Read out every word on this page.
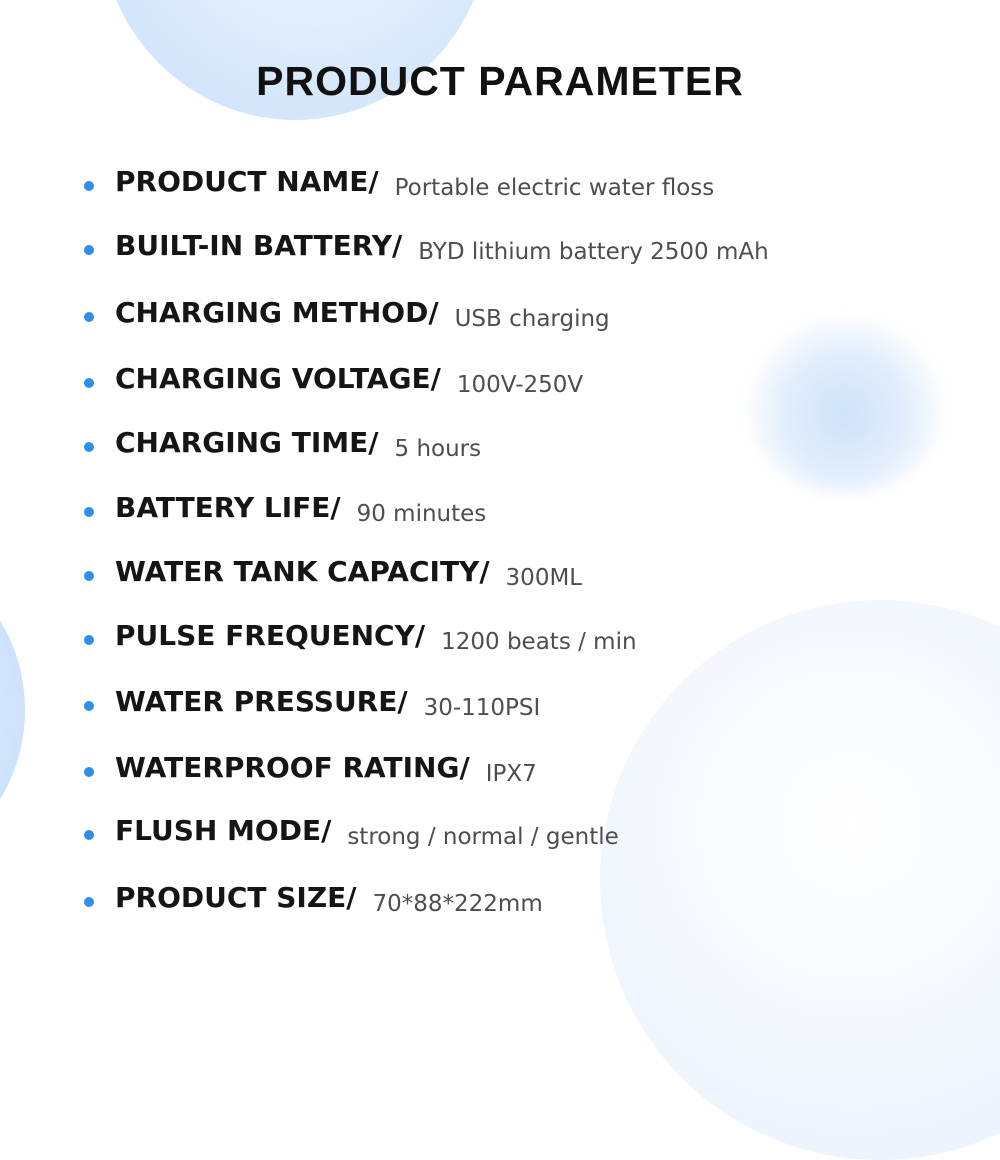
PRODUCT PARAMETER
PRODUCT NAME/ Portable electric water floss
BUILT-IN BATTERY/ BYD lithium battery 2500 mAh
CHARGING METHOD/ USB charging
CHARGING VOLTAGE/ 100V-250V
CHARGING TIME/ 5 hours
BATTERY LIFE/ 90 minutes
WATER TANK CAPACITY/ 300ML
PULSE FREQUENCY/ 1200 beats / min
WATER PRESSURE/ 30-110PSI
WATERPROOF RATING/ IPX7
FLUSH MODE/ strong / normal / gentle
PRODUCT SIZE/ 70*88*222mm
